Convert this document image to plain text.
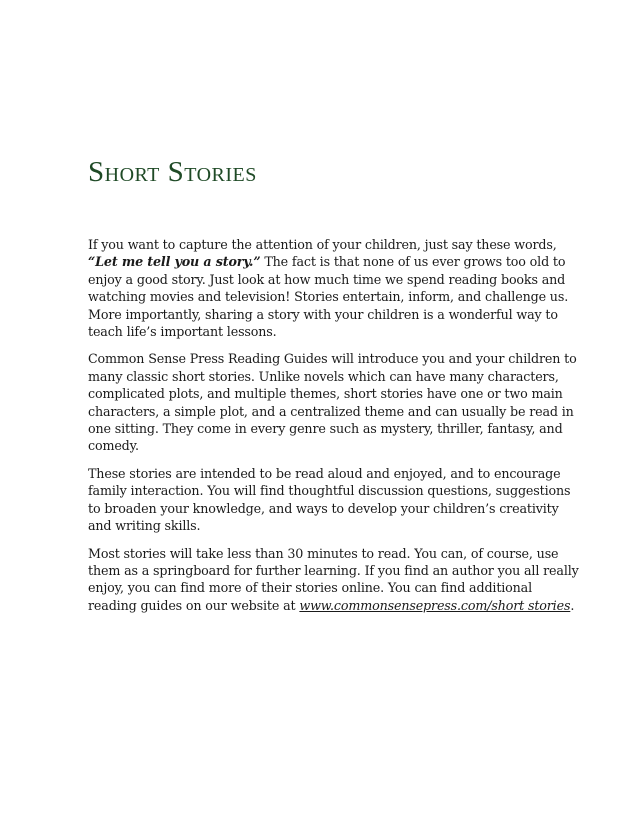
Short Stories

If you want to capture the attention of your children, just say these words, “Let me tell you a story.” The fact is that none of us ever grows too old to enjoy a good story. Just look at how much time we spend reading books and watching movies and television! Stories entertain, inform, and challenge us. More importantly, sharing a story with your children is a wonderful way to teach life’s important lessons.

Common Sense Press Reading Guides will introduce you and your children to many classic short stories. Unlike novels which can have many characters, complicated plots, and multiple themes, short stories have one or two main characters, a simple plot, and a centralized theme and can usually be read in one sitting. They come in every genre such as mystery, thriller, fantasy, and comedy.

These stories are intended to be read aloud and enjoyed, and to encourage family interaction. You will find thoughtful discussion questions, suggestions to broaden your knowledge, and ways to develop your children’s creativity and writing skills.

Most stories will take less than 30 minutes to read. You can, of course, use them as a springboard for further learning. If you find an author you all really enjoy, you can find more of their stories online. You can find additional reading guides on our website at www.commonsensepress.com/short stories.
